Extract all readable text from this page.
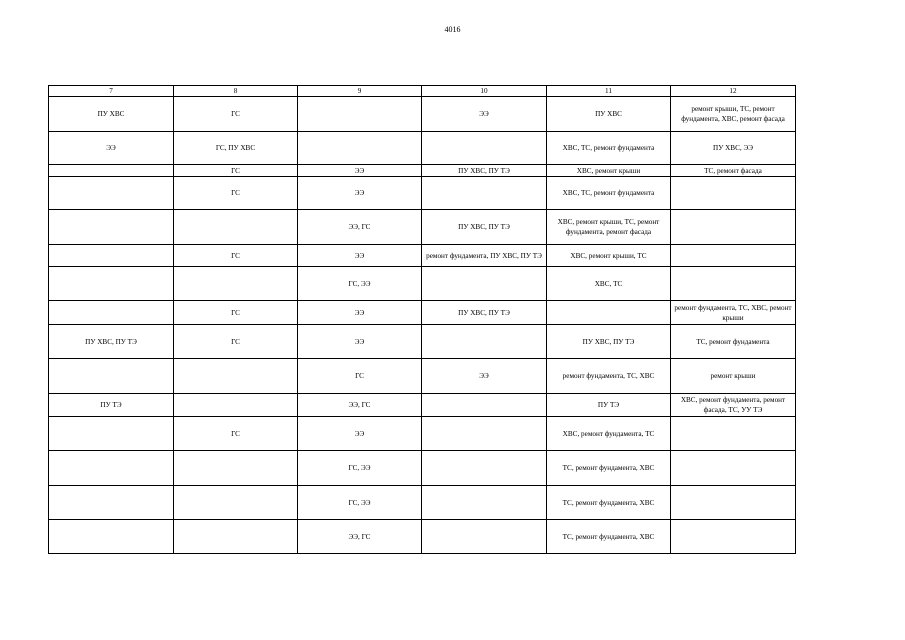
4016
7	8	9	10	11	12
ПУ ХВС	ГС		ЭЭ	ПУ ХВС	ремонт крыши, ТС, ремонт фундамента, ХВС, ремонт фасада
ЭЭ	ГС, ПУ ХВС			ХВС, ТС, ремонт фундамента	ПУ ХВС, ЭЭ
	ГС	ЭЭ	ПУ ХВС, ПУ ТЭ	ХВС, ремонт крыши	ТС, ремонт фасада
	ГС	ЭЭ		ХВС, ТС, ремонт фундамента	
		ЭЭ, ГС	ПУ ХВС, ПУ ТЭ	ХВС, ремонт крыши, ТС, ремонт фундамента, ремонт фасада	
	ГС	ЭЭ	ремонт фундамента, ПУ ХВС, ПУ ТЭ	ХВС, ремонт крыши, ТС	
		ГС, ЭЭ		ХВС, ТС	
	ГС	ЭЭ	ПУ ХВС, ПУ ТЭ		ремонт фундамента, ТС, ХВС, ремонт крыши
ПУ ХВС, ПУ ТЭ	ГС	ЭЭ		ПУ ХВС, ПУ ТЭ	ТС, ремонт фундамента
		ГС	ЭЭ	ремонт фундамента, ТС, ХВС	ремонт крыши
ПУ ТЭ		ЭЭ, ГС		ПУ ТЭ	ХВС, ремонт фундамента, ремонт фасада, ТС, УУ ТЭ
	ГС	ЭЭ		ХВС, ремонт фундамента, ТС	
		ГС, ЭЭ		ТС, ремонт фундамента, ХВС	
		ГС, ЭЭ		ТС, ремонт фундамента, ХВС	
		ЭЭ, ГС		ТС, ремонт фундамента, ХВС	
